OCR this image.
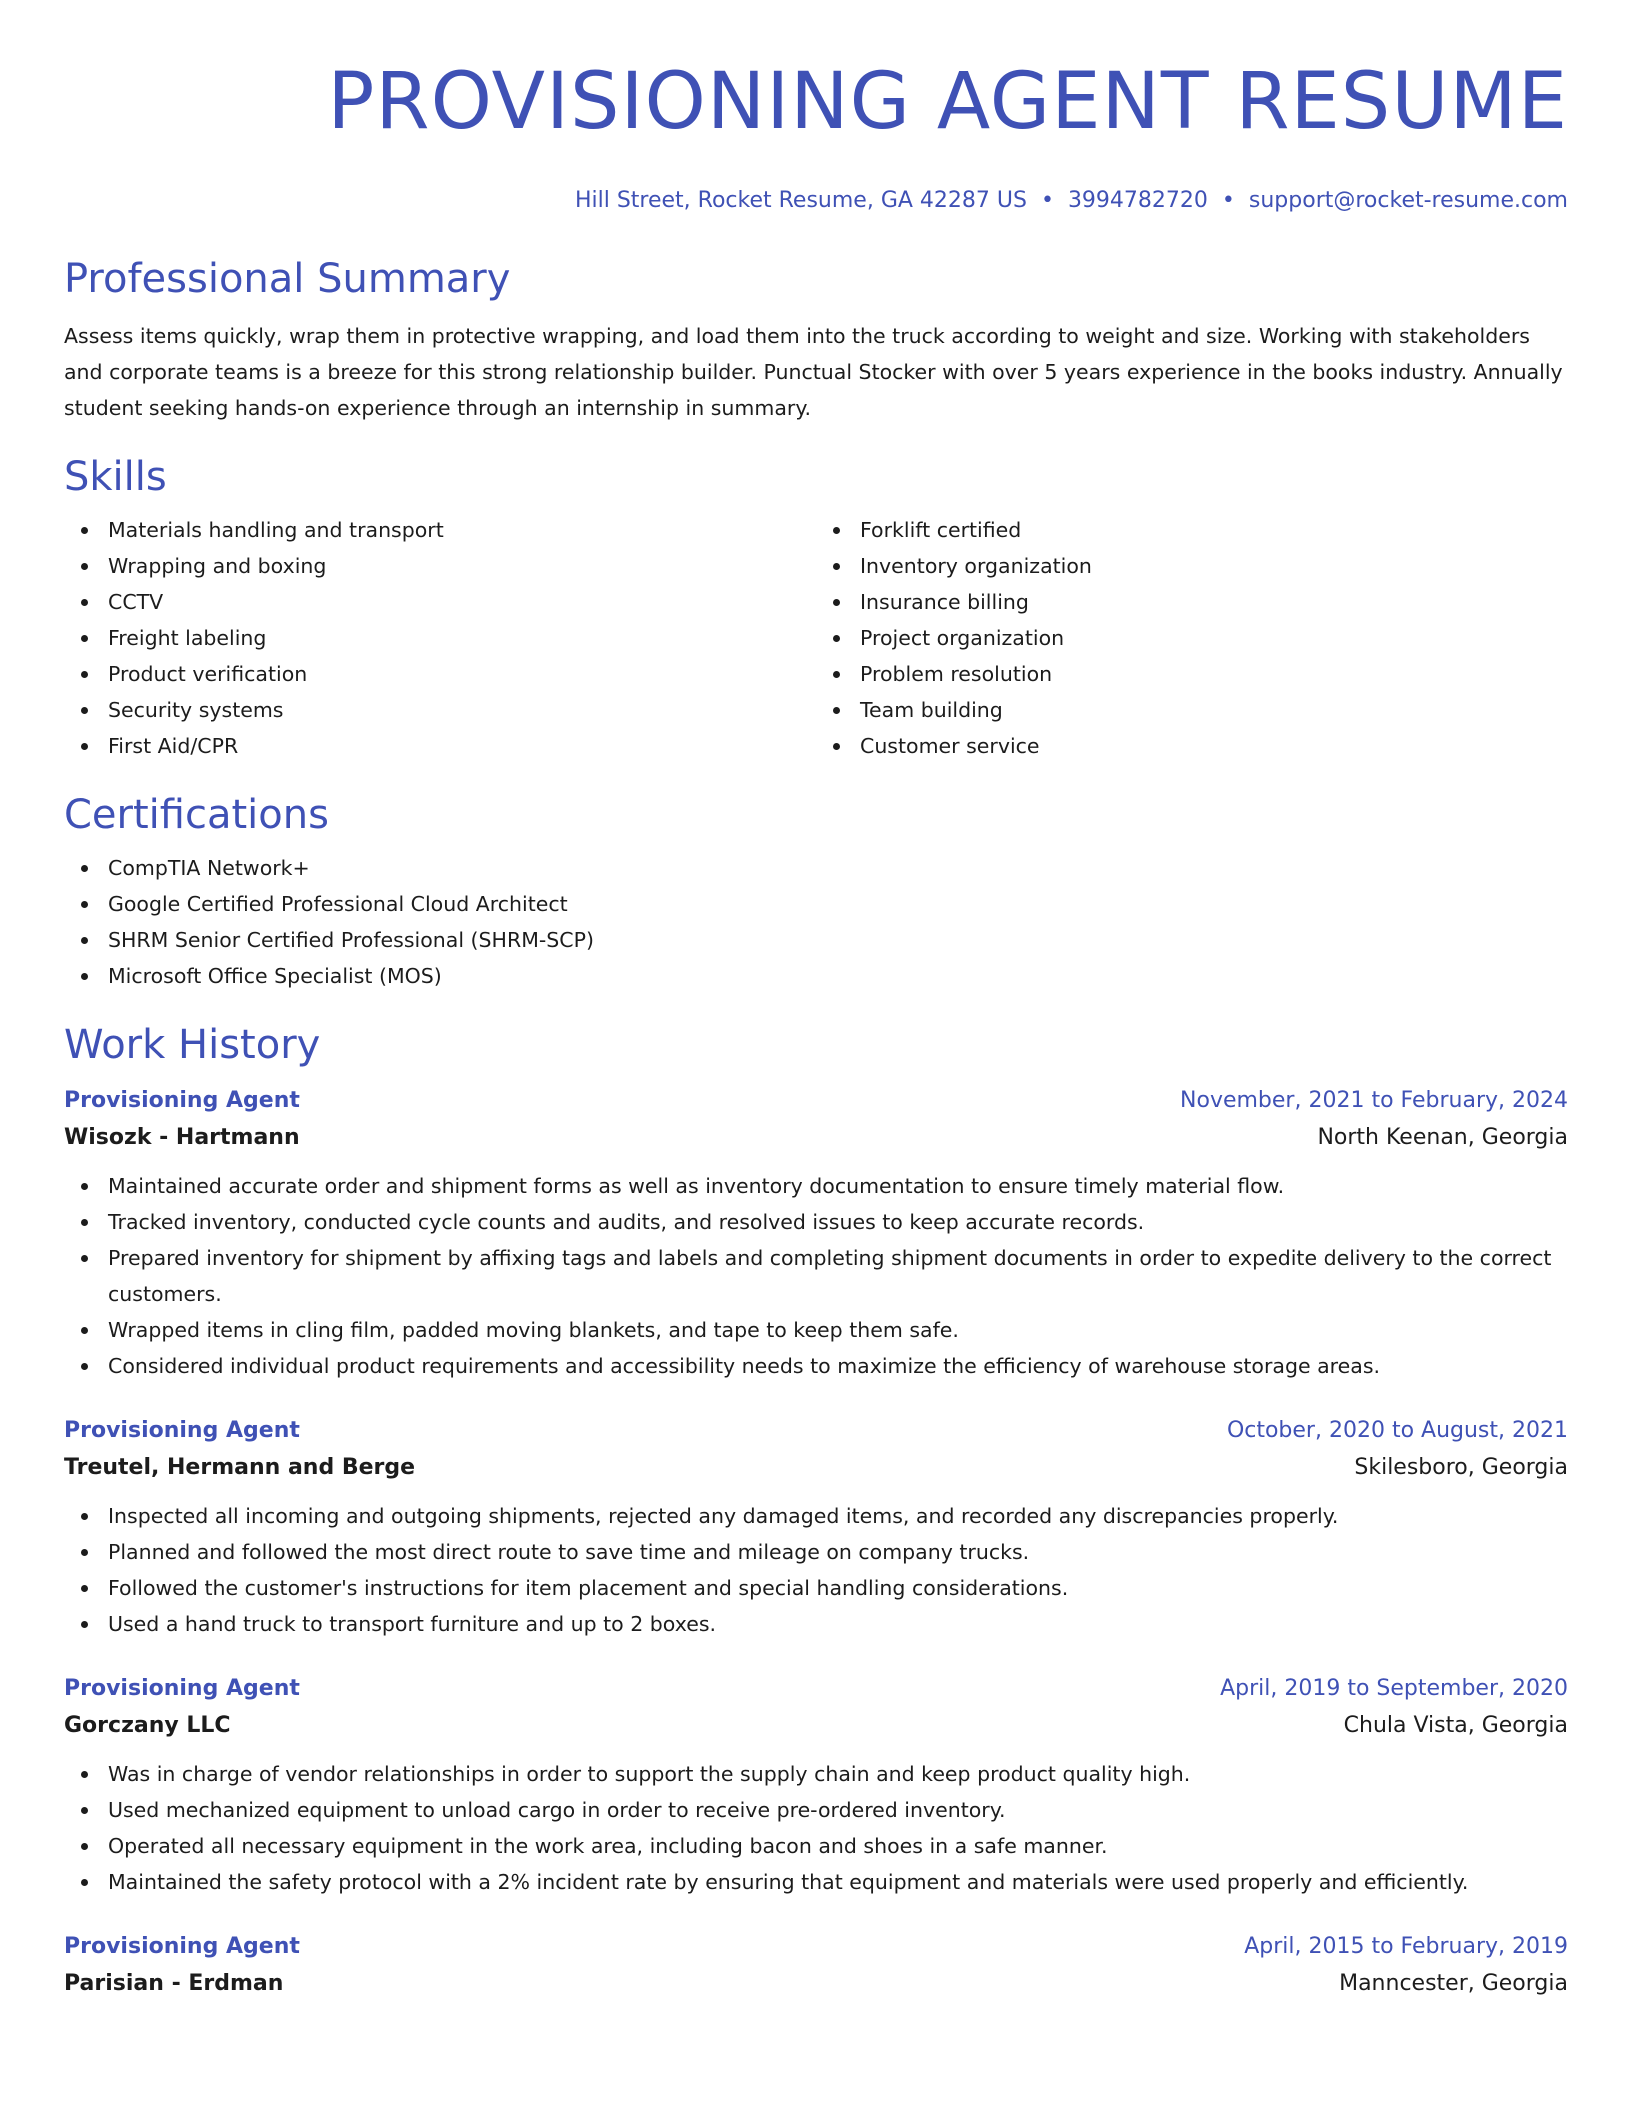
PROVISIONING AGENT RESUME
Hill Street, Rocket Resume, GA 42287 US • 3994782720 • support@rocket-resume.com
Professional Summary
Assess items quickly, wrap them in protective wrapping, and load them into the truck according to weight and size. Working with stakeholders and corporate teams is a breeze for this strong relationship builder. Punctual Stocker with over 5 years experience in the books industry. Annually student seeking hands-on experience through an internship in summary.
Skills
Materials handling and transport
Wrapping and boxing
CCTV
Freight labeling
Product verification
Security systems
First Aid/CPR
Forklift certified
Inventory organization
Insurance billing
Project organization
Problem resolution
Team building
Customer service
Certifications
CompTIA Network+
Google Certified Professional Cloud Architect
SHRM Senior Certified Professional (SHRM-SCP)
Microsoft Office Specialist (MOS)
Work History
Provisioning Agent	November, 2021 to February, 2024
Wisozk - Hartmann	North Keenan, Georgia
Maintained accurate order and shipment forms as well as inventory documentation to ensure timely material flow.
Tracked inventory, conducted cycle counts and audits, and resolved issues to keep accurate records.
Prepared inventory for shipment by affixing tags and labels and completing shipment documents in order to expedite delivery to the correct customers.
Wrapped items in cling film, padded moving blankets, and tape to keep them safe.
Considered individual product requirements and accessibility needs to maximize the efficiency of warehouse storage areas.
Provisioning Agent	October, 2020 to August, 2021
Treutel, Hermann and Berge	Skilesboro, Georgia
Inspected all incoming and outgoing shipments, rejected any damaged items, and recorded any discrepancies properly.
Planned and followed the most direct route to save time and mileage on company trucks.
Followed the customer's instructions for item placement and special handling considerations.
Used a hand truck to transport furniture and up to 2 boxes.
Provisioning Agent	April, 2019 to September, 2020
Gorczany LLC	Chula Vista, Georgia
Was in charge of vendor relationships in order to support the supply chain and keep product quality high.
Used mechanized equipment to unload cargo in order to receive pre-ordered inventory.
Operated all necessary equipment in the work area, including bacon and shoes in a safe manner.
Maintained the safety protocol with a 2% incident rate by ensuring that equipment and materials were used properly and efficiently.
Provisioning Agent	April, 2015 to February, 2019
Parisian - Erdman	Manncester, Georgia
